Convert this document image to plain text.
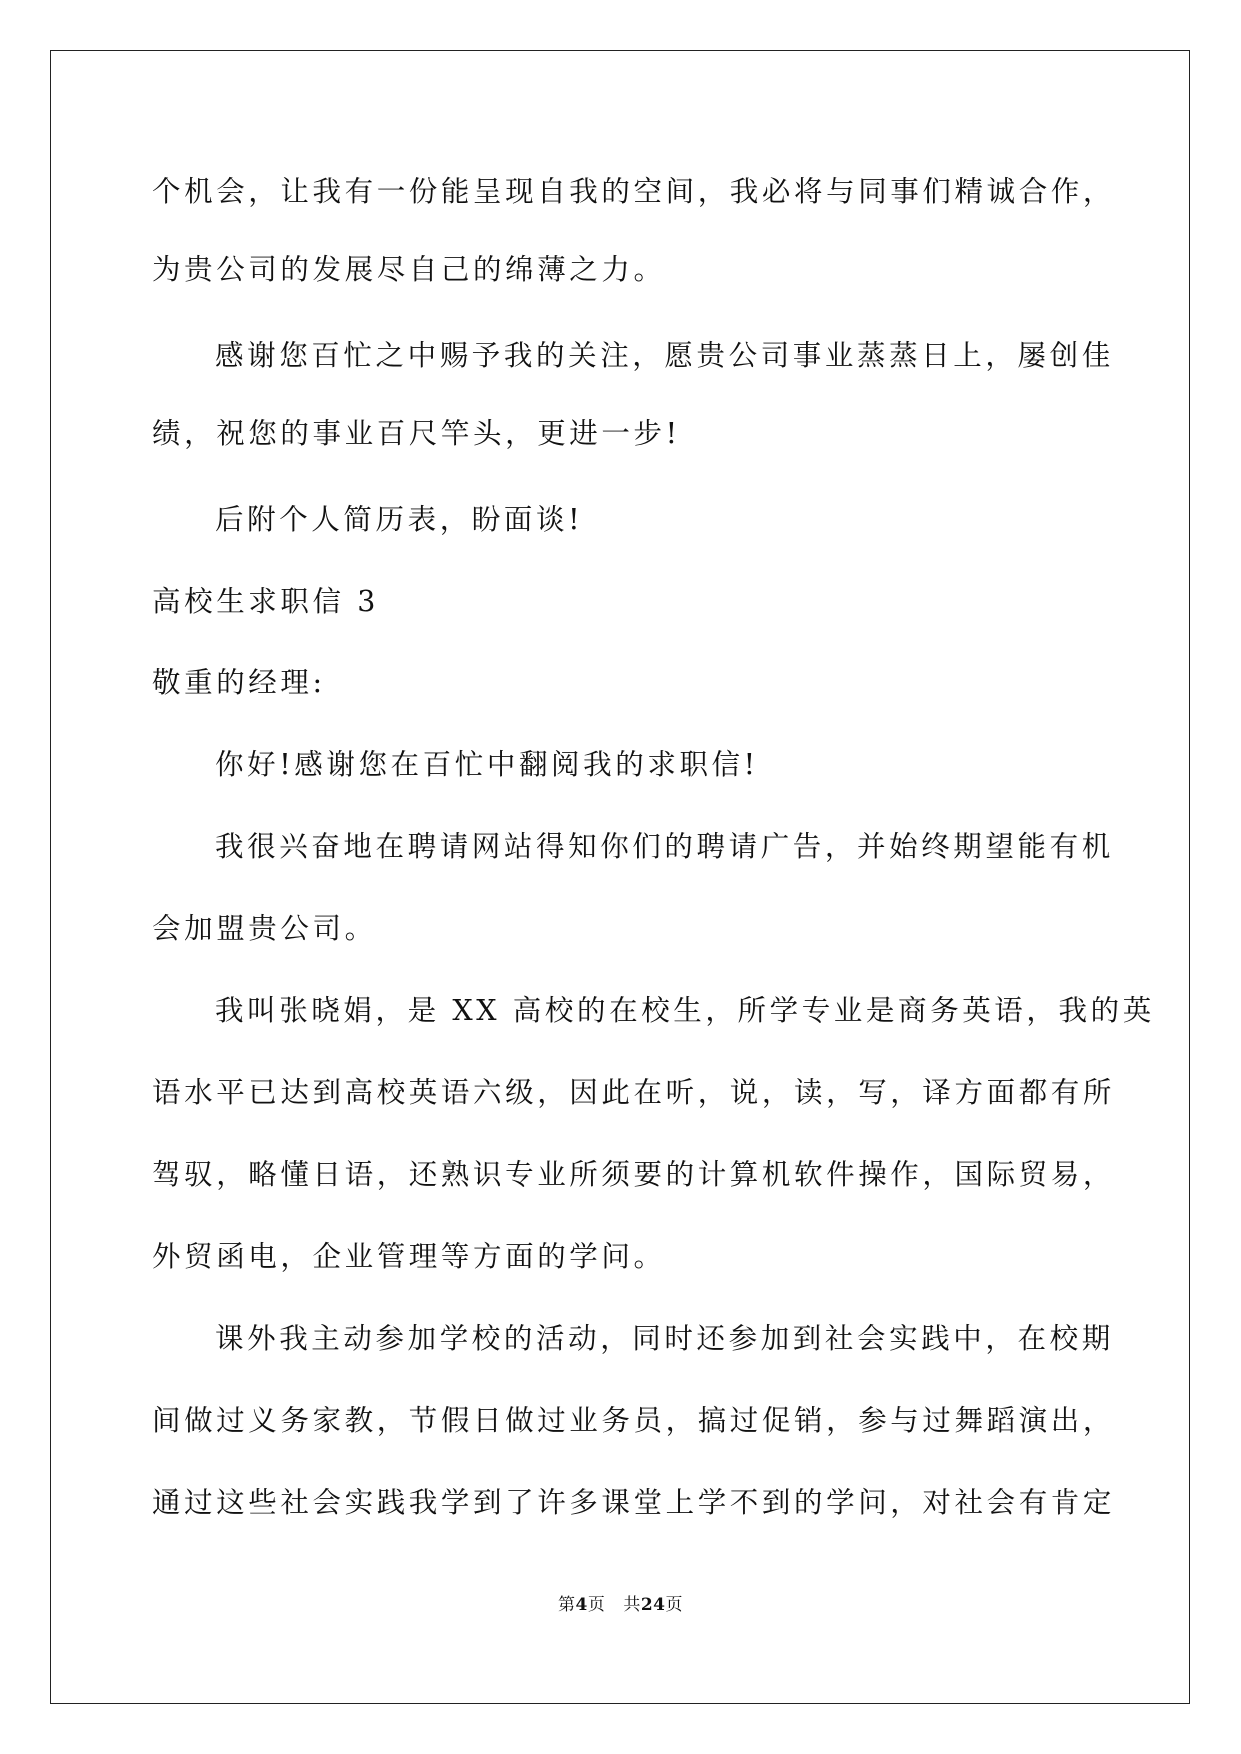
个机会，让我有一份能呈现自我的空间，我必将与同事们精诚合作，
为贵公司的发展尽自己的绵薄之力。
感谢您百忙之中赐予我的关注，愿贵公司事业蒸蒸日上，屡创佳
绩，祝您的事业百尺竿头，更进一步!
后附个人简历表，盼面谈!
高校生求职信 3
敬重的经理:
你好!感谢您在百忙中翻阅我的求职信!
我很兴奋地在聘请网站得知你们的聘请广告，并始终期望能有机
会加盟贵公司。
我叫张晓娟，是 XX 高校的在校生，所学专业是商务英语，我的英
语水平已达到高校英语六级，因此在听，说，读，写，译方面都有所
驾驭，略懂日语，还熟识专业所须要的计算机软件操作，国际贸易，
外贸函电，企业管理等方面的学问。
课外我主动参加学校的活动，同时还参加到社会实践中，在校期
间做过义务家教，节假日做过业务员，搞过促销，参与过舞蹈演出，
通过这些社会实践我学到了许多课堂上学不到的学问，对社会有肯定
第4页 共24页
